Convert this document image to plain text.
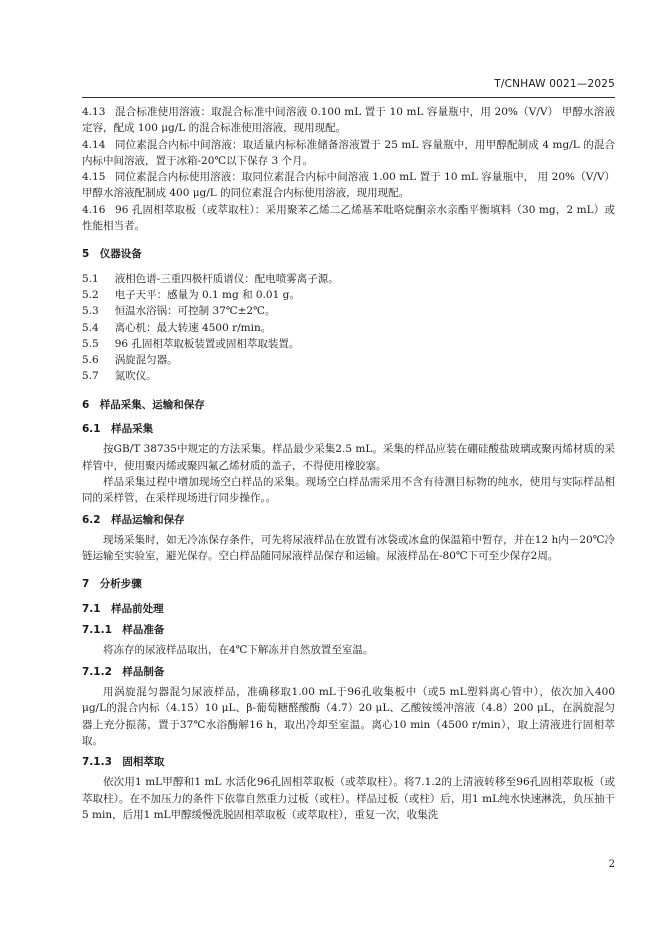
T/CNHAW 0021—2025

4.13 混合标准使用溶液：取混合标准中间溶液 0.100 mL 置于 10 mL 容量瓶中，用 20%（V/V） 甲醇水溶液定容，配成 100 μg/L 的混合标准使用溶液，现用现配。

4.14 同位素混合内标中间溶液：取适量内标标准储备溶液置于 25 mL 容量瓶中，用甲醇配制成 4 mg/L 的混合内标中间溶液，置于冰箱-20℃以下保存 3 个月。

4.15 同位素混合内标使用溶液：取同位素混合内标中间溶液 1.00 mL 置于 10 mL 容量瓶中， 用 20%（V/V） 甲醇水溶液配制成 400 μg/L 的同位素混合内标使用溶液，现用现配。

4.16 96 孔固相萃取板（或萃取柱）：采用聚苯乙烯二乙烯基苯吡咯烷酮亲水亲酯平衡填料（30 mg，2 mL）或性能相当者。

5　仪器设备

5.1 液相色谱-三重四极杆质谱仪：配电喷雾离子源。

5.2 电子天平：感量为 0.1 mg 和 0.01 g。

5.3 恒温水浴锅：可控制 37℃±2℃。

5.4 离心机：最大转速 4500 r/min。

5.5 96 孔固相萃取板装置或固相萃取装置。

5.6 涡旋混匀器。

5.7 氮吹仪。

6　样品采集、运输和保存
6.1　样品采集

按GB/T 38735中规定的方法采集。样品最少采集2.5 mL。采集的样品应装在硼硅酸盐玻璃或聚丙烯材质的采样管中，使用聚丙烯或聚四氟乙烯材质的盖子，不得使用橡胶塞。

样品采集过程中增加现场空白样品的采集。现场空白样品需采用不含有待测目标物的纯水，使用与实际样品相同的采样管，在采样现场进行同步操作。。

6.2　样品运输和保存

现场采集时，如无冷冻保存条件，可先将尿液样品在放置有冰袋或冰盒的保温箱中暂存，并在12 h内－20℃冷链运输至实验室，避光保存。空白样品随同尿液样品保存和运输。尿液样品在-80℃下可至少保存2周。

7　分析步骤
7.1　样品前处理
7.1.1　样品准备

将冻存的尿液样品取出，在4℃下解冻并自然放置至室温。

7.1.2　样品制备

用涡旋混匀器混匀尿液样品，准确移取1.00 mL于96孔收集板中（或5 mL塑料离心管中），依次加入400 μg/L的混合内标（4.15）10 μL、β-葡萄糖醛酸酶（4.7）20 μL、乙酸铵缓冲溶液（4.8）200 μL，在涡旋混匀器上充分振荡，置于37℃水浴酶解16 h，取出冷却至室温。离心10 min（4500 r/min），取上清液进行固相萃取。

7.1.3　固相萃取

依次用1 mL甲醇和1 mL 水活化96孔固相萃取板（或萃取柱）。将7.1.2的上清液转移至96孔固相萃取板（或萃取柱）。在不加压力的条件下依靠自然重力过板（或柱）。样品过板（或柱）后，用1 mL纯水快速淋洗，负压抽干5 min，后用1 mL甲醇缓慢洗脱固相萃取板（或萃取柱），重复一次，收集洗

2
